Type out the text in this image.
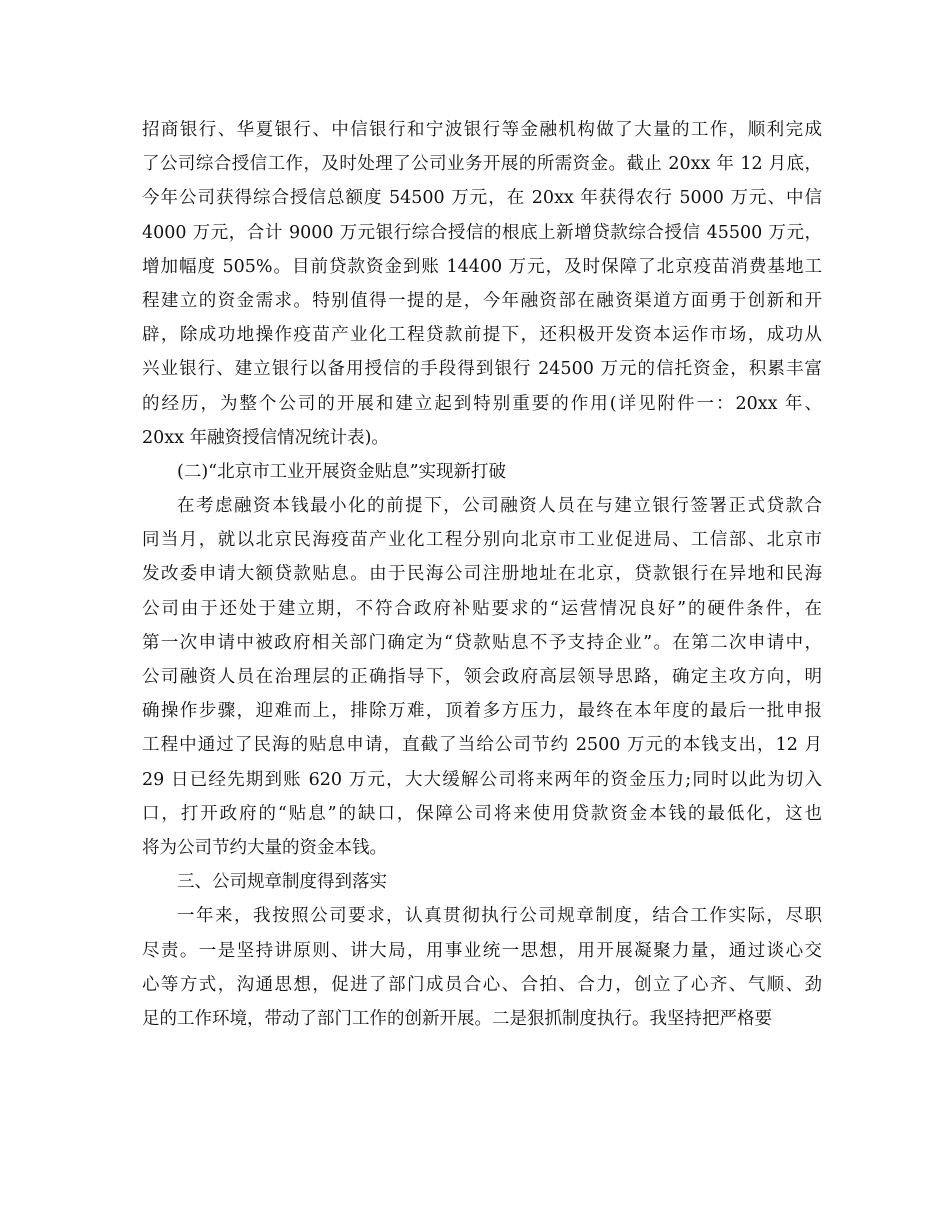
招商银行、华夏银行、中信银行和宁波银行等金融机构做了大量的工作，顺利完成
了公司综合授信工作，及时处理了公司业务开展的所需资金。截止 20xx 年 12 月底，
今年公司获得综合授信总额度 54500 万元，在 20xx 年获得农行 5000 万元、中信
4000 万元，合计 9000 万元银行综合授信的根底上新增贷款综合授信 45500 万元，
增加幅度 505%。目前贷款资金到账 14400 万元，及时保障了北京疫苗消费基地工
程建立的资金需求。特别值得一提的是，今年融资部在融资渠道方面勇于创新和开
辟，除成功地操作疫苗产业化工程贷款前提下，还积极开发资本运作市场，成功从
兴业银行、建立银行以备用授信的手段得到银行 24500 万元的信托资金，积累丰富
的经历，为整个公司的开展和建立起到特别重要的作用(详见附件一：20xx 年、
20xx 年融资授信情况统计表)。
(二)“北京市工业开展资金贴息”实现新打破
在考虑融资本钱最小化的前提下，公司融资人员在与建立银行签署正式贷款合
同当月，就以北京民海疫苗产业化工程分别向北京市工业促进局、工信部、北京市
发改委申请大额贷款贴息。由于民海公司注册地址在北京，贷款银行在异地和民海
公司由于还处于建立期，不符合政府补贴要求的“运营情况良好”的硬件条件，在
第一次申请中被政府相关部门确定为“贷款贴息不予支持企业”。在第二次申请中，
公司融资人员在治理层的正确指导下，领会政府高层领导思路，确定主攻方向，明
确操作步骤，迎难而上，排除万难，顶着多方压力，最终在本年度的最后一批申报
工程中通过了民海的贴息申请，直截了当给公司节约 2500 万元的本钱支出，12 月
29 日已经先期到账 620 万元，大大缓解公司将来两年的资金压力;同时以此为切入
口，打开政府的“贴息”的缺口，保障公司将来使用贷款资金本钱的最低化，这也
将为公司节约大量的资金本钱。
三、公司规章制度得到落实
一年来，我按照公司要求，认真贯彻执行公司规章制度，结合工作实际，尽职
尽责。一是坚持讲原则、讲大局，用事业统一思想，用开展凝聚力量，通过谈心交
心等方式，沟通思想，促进了部门成员合心、合拍、合力，创立了心齐、气顺、劲
足的工作环境，带动了部门工作的创新开展。二是狠抓制度执行。我坚持把严格要
